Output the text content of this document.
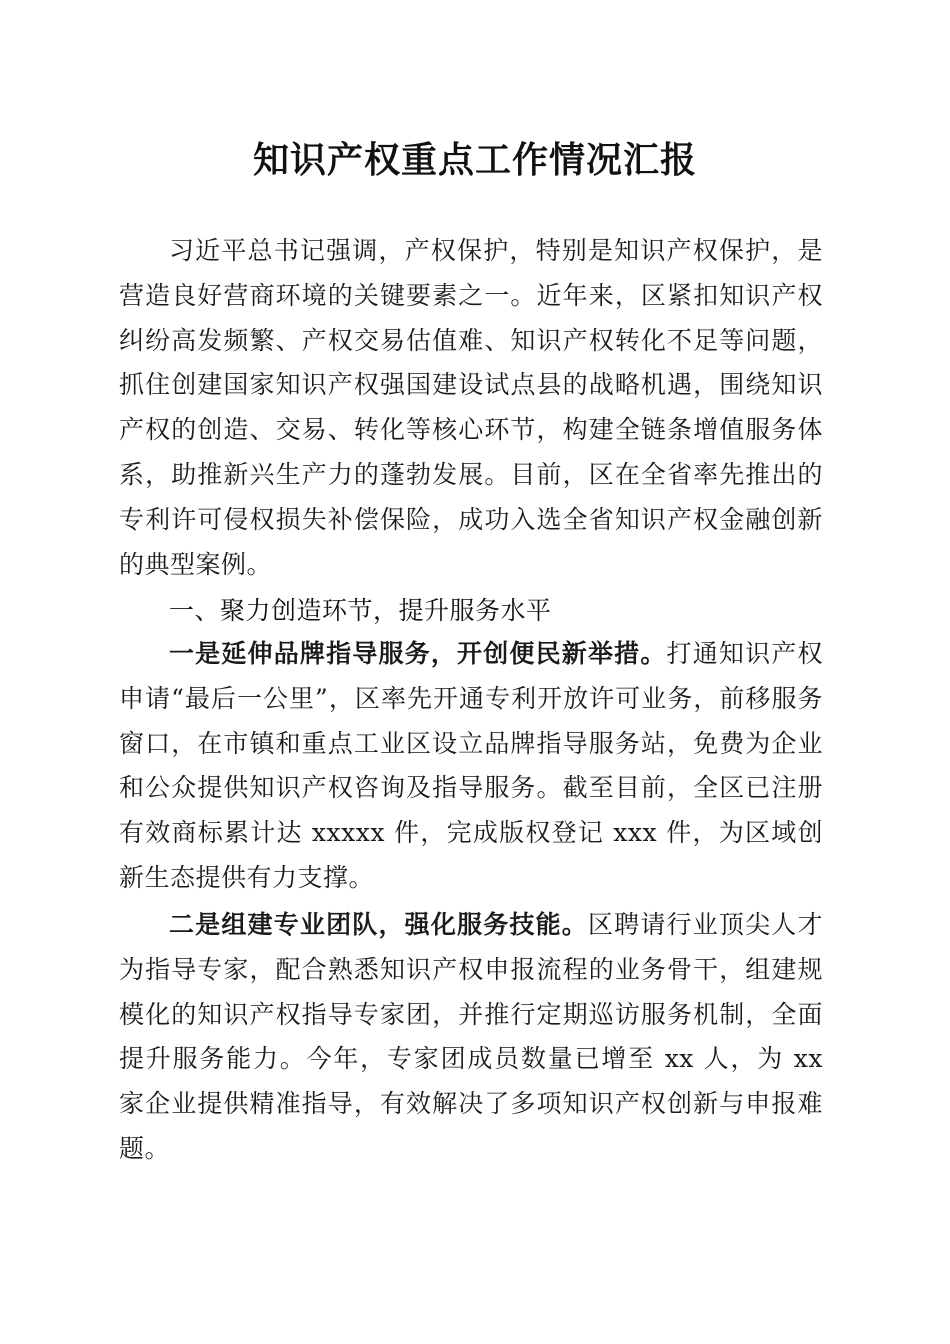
知识产权重点工作情况汇报

习近平总书记强调，产权保护，特别是知识产权保护，是营造良好营商环境的关键要素之一。近年来，区紧扣知识产权纠纷高发频繁、产权交易估值难、知识产权转化不足等问题，抓住创建国家知识产权强国建设试点县的战略机遇，围绕知识产权的创造、交易、转化等核心环节，构建全链条增值服务体系，助推新兴生产力的蓬勃发展。目前，区在全省率先推出的专利许可侵权损失补偿保险，成功入选全省知识产权金融创新的典型案例。

一、聚力创造环节，提升服务水平

一是延伸品牌指导服务，开创便民新举措。打通知识产权申请“最后一公里”，区率先开通专利开放许可业务，前移服务窗口，在市镇和重点工业区设立品牌指导服务站，免费为企业和公众提供知识产权咨询及指导服务。截至目前，全区已注册有效商标累计达 xxxxx 件，完成版权登记 xxx 件，为区域创新生态提供有力支撑。

二是组建专业团队，强化服务技能。区聘请行业顶尖人才为指导专家，配合熟悉知识产权申报流程的业务骨干，组建规模化的知识产权指导专家团，并推行定期巡访服务机制，全面提升服务能力。今年，专家团成员数量已增至 xx 人，为 xx 家企业提供精准指导，有效解决了多项知识产权创新与申报难题。
